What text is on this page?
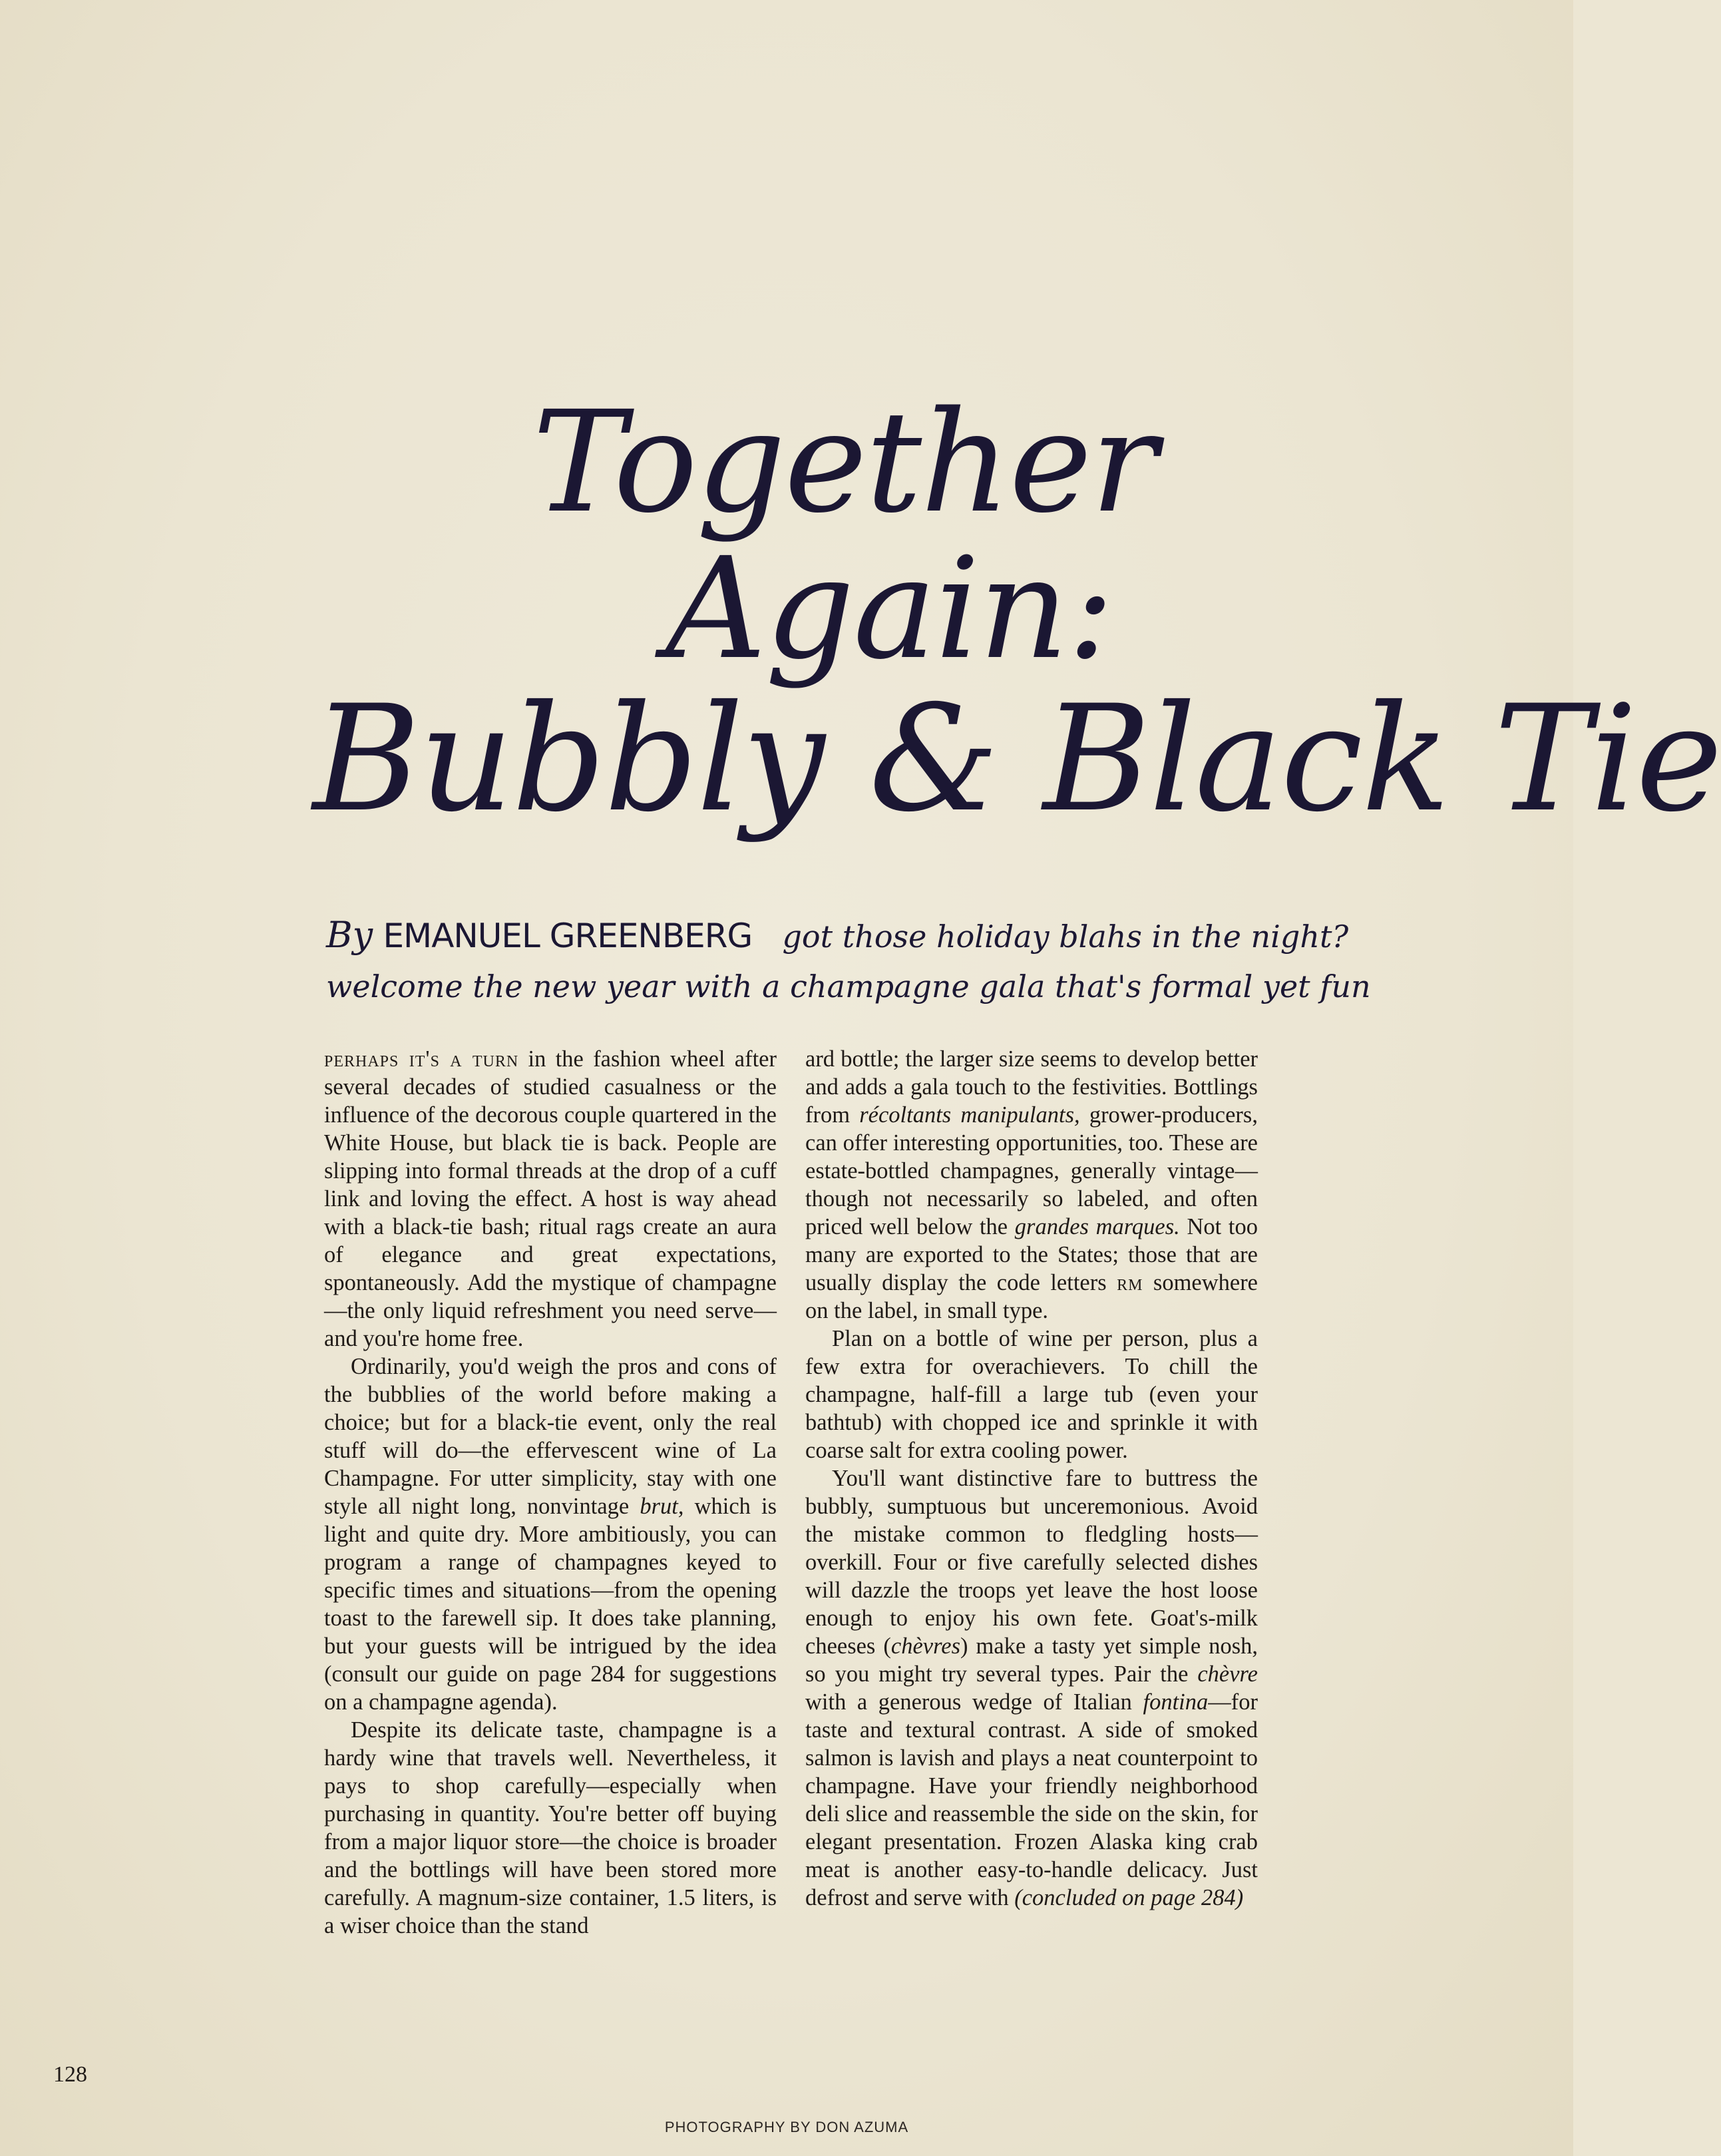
Together
Again:
Bubbly & Black Tie
By EMANUEL GREENBERG got those holiday blahs in the night?
welcome the new year with a champagne gala that's formal yet fun

perhaps it's a turn in the fashion wheel after several decades of studied casualness or the influence of the decorous couple quartered in the White House, but black tie is back. People are slipping into formal threads at the drop of a cuff link and loving the effect. A host is way ahead with a black-tie bash; ritual rags create an aura of elegance and great expectations, spontaneously. Add the mystique of champagne—the only liquid refreshment you need serve—and you're home free.

Ordinarily, you'd weigh the pros and cons of the bubblies of the world before making a choice; but for a black-tie event, only the real stuff will do—the effervescent wine of La Champagne. For utter simplicity, stay with one style all night long, nonvintage brut, which is light and quite dry. More ambitiously, you can program a range of champagnes keyed to specific times and situations—from the opening toast to the farewell sip. It does take planning, but your guests will be intrigued by the idea (consult our guide on page 284 for suggestions on a champagne agenda).

Despite its delicate taste, champagne is a hardy wine that travels well. Nevertheless, it pays to shop carefully—especially when purchasing in quantity. You're better off buying from a major liquor store—the choice is broader and the bottlings will have been stored more carefully. A magnum-size container, 1.5 liters, is a wiser choice than the stand

ard bottle; the larger size seems to develop better and adds a gala touch to the festivities. Bottlings from récoltants manipulants, grower-producers, can offer interesting opportunities, too. These are estate-bottled champagnes, generally vintage—though not necessarily so labeled, and often priced well below the grandes marques. Not too many are exported to the States; those that are usually display the code letters rm somewhere on the label, in small type.

Plan on a bottle of wine per person, plus a few extra for overachievers. To chill the champagne, half-fill a large tub (even your bathtub) with chopped ice and sprinkle it with coarse salt for extra cooling power.

You'll want distinctive fare to buttress the bubbly, sumptuous but unceremonious. Avoid the mistake common to fledgling hosts—overkill. Four or five carefully selected dishes will dazzle the troops yet leave the host loose enough to enjoy his own fete. Goat's-milk cheeses (chèvres) make a tasty yet simple nosh, so you might try several types. Pair the chèvre with a generous wedge of Italian fontina—for taste and textural contrast. A side of smoked salmon is lavish and plays a neat counterpoint to champagne. Have your friendly neighborhood deli slice and reassemble the side on the skin, for elegant presentation. Frozen Alaska king crab meat is another easy-to-handle delicacy. Just defrost and serve with (concluded on page 284)

128
PHOTOGRAPHY BY DON AZUMA
